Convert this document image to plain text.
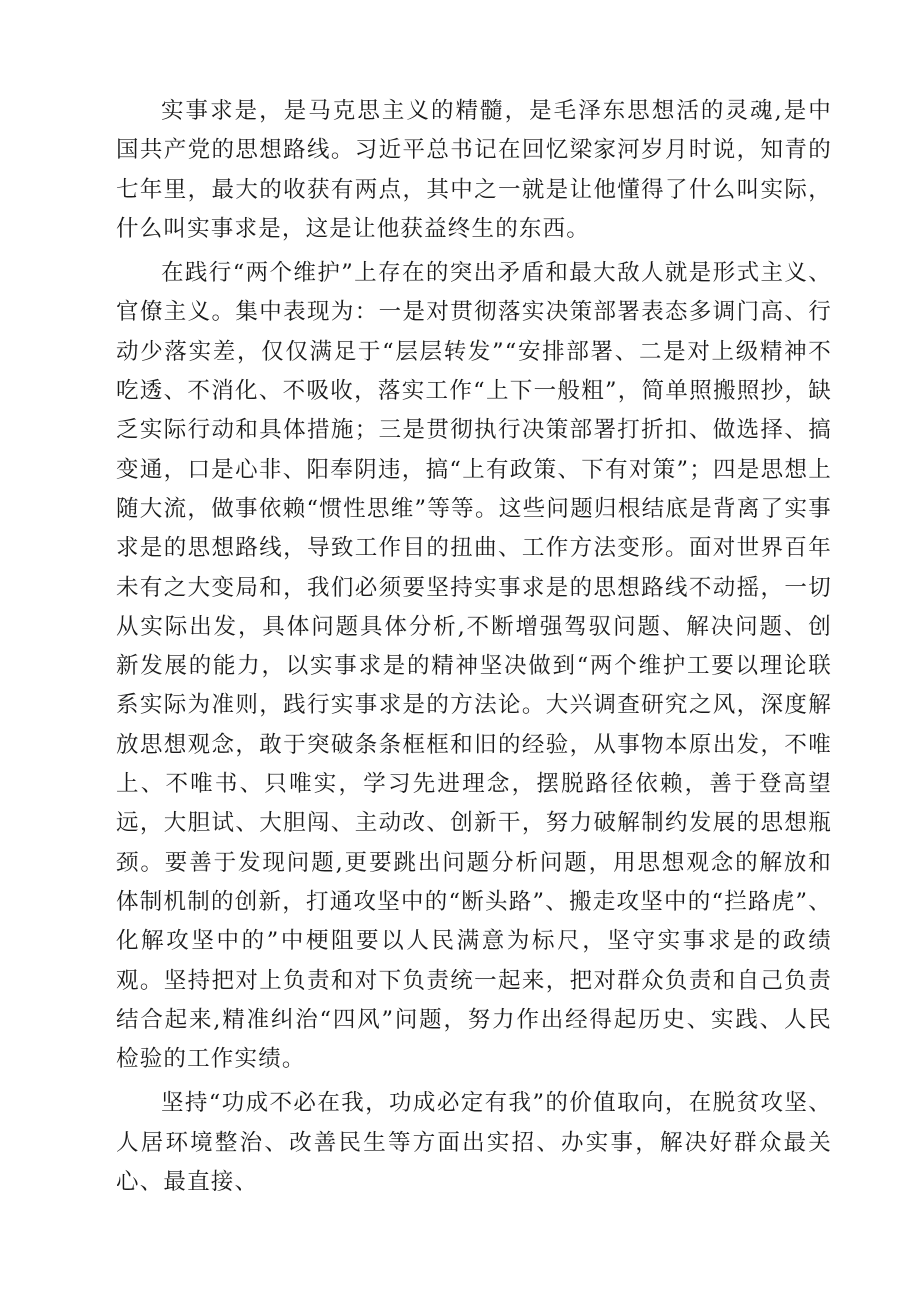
实事求是，是马克思主义的精髓，是毛泽东思想活的灵魂,是中国共产党的思想路线。习近平总书记在回忆梁家河岁月时说，知青的七年里，最大的收获有两点，其中之一就是让他懂得了什么叫实际，什么叫实事求是，这是让他获益终生的东西。

在践行“两个维护”上存在的突出矛盾和最大敌人就是形式主义、官僚主义。集中表现为：一是对贯彻落实决策部署表态多调门高、行动少落实差，仅仅满足于“层层转发”“安排部署、二是对上级精神不吃透、不消化、不吸收，落实工作“上下一般粗”，简单照搬照抄，缺乏实际行动和具体措施；三是贯彻执行决策部署打折扣、做选择、搞变通，口是心非、阳奉阴违，搞“上有政策、下有对策”；四是思想上随大流，做事依赖“惯性思维”等等。这些问题归根结底是背离了实事求是的思想路线，导致工作目的扭曲、工作方法变形。面对世界百年未有之大变局和，我们必须要坚持实事求是的思想路线不动摇，一切从实际出发，具体问题具体分析,不断增强驾驭问题、解决问题、创新发展的能力，以实事求是的精神坚决做到“两个维护工要以理论联系实际为准则，践行实事求是的方法论。大兴调查研究之风，深度解放思想观念，敢于突破条条框框和旧的经验，从事物本原出发，不唯上、不唯书、只唯实，学习先进理念，摆脱路径依赖，善于登高望远，大胆试、大胆闯、主动改、创新干，努力破解制约发展的思想瓶颈。要善于发现问题,更要跳出问题分析问题，用思想观念的解放和体制机制的创新，打通攻坚中的“断头路”、搬走攻坚中的“拦路虎”、化解攻坚中的”中梗阻要以人民满意为标尺，坚守实事求是的政绩观。坚持把对上负责和对下负责统一起来，把对群众负责和自己负责结合起来,精准纠治“四风”问题，努力作出经得起历史、实践、人民检验的工作实绩。

坚持“功成不必在我，功成必定有我”的价值取向，在脱贫攻坚、人居环境整治、改善民生等方面出实招、办实事，解决好群众最关心、最直接、
